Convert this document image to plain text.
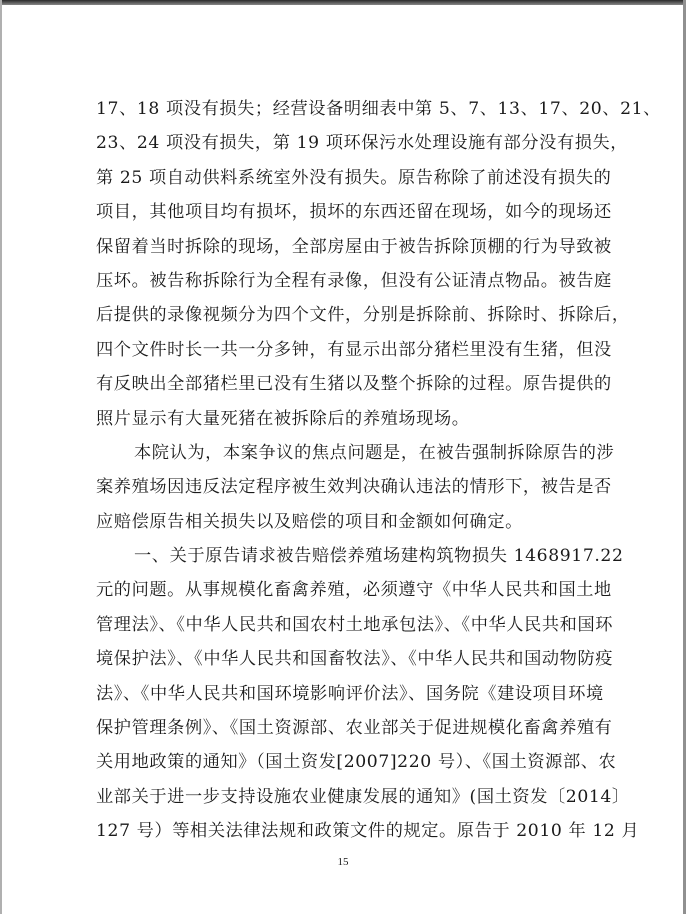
17、18 项没有损失；经营设备明细表中第 5、7、13、17、20、21、
23、24 项没有损失，第 19 项环保污水处理设施有部分没有损失，
第 25 项自动供料系统室外没有损失。原告称除了前述没有损失的
项目，其他项目均有损坏，损坏的东西还留在现场，如今的现场还
保留着当时拆除的现场，全部房屋由于被告拆除顶棚的行为导致被
压坏。被告称拆除行为全程有录像，但没有公证清点物品。被告庭
后提供的录像视频分为四个文件，分别是拆除前、拆除时、拆除后，
四个文件时长一共一分多钟，有显示出部分猪栏里没有生猪，但没
有反映出全部猪栏里已没有生猪以及整个拆除的过程。原告提供的
照片显示有大量死猪在被拆除后的养殖场现场。
本院认为，本案争议的焦点问题是，在被告强制拆除原告的涉
案养殖场因违反法定程序被生效判决确认违法的情形下，被告是否
应赔偿原告相关损失以及赔偿的项目和金额如何确定。
一、关于原告请求被告赔偿养殖场建构筑物损失 1468917.22
元的问题。从事规模化畜禽养殖，必须遵守《中华人民共和国土地
管理法》、《中华人民共和国农村土地承包法》、《中华人民共和国环
境保护法》、《中华人民共和国畜牧法》、《中华人民共和国动物防疫
法》、《中华人民共和国环境影响评价法》、国务院《建设项目环境
保护管理条例》、《国土资源部、农业部关于促进规模化畜禽养殖有
关用地政策的通知》（国土资发[2007]220 号）、《国土资源部、农
业部关于进一步支持设施农业健康发展的通知》(国土资发〔2014〕
127 号）等相关法律法规和政策文件的规定。原告于 2010 年 12 月
15
